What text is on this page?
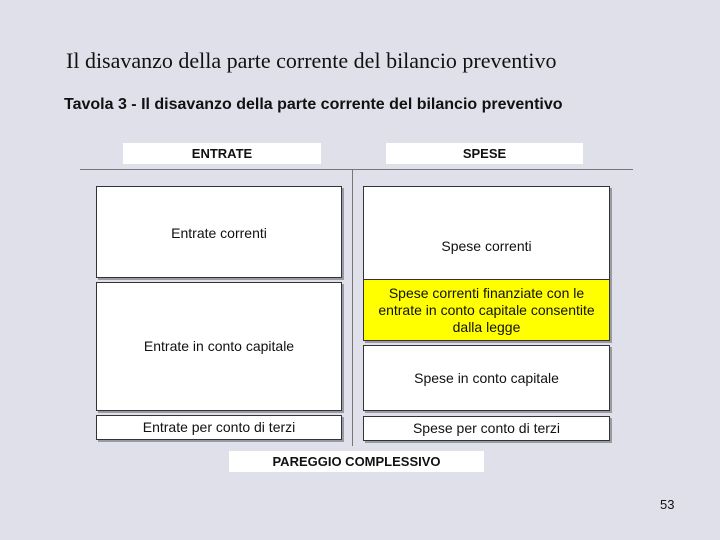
Il disavanzo della parte corrente del bilancio preventivo
Tavola 3 - Il disavanzo della parte corrente del bilancio preventivo
ENTRATE	SPESE
Entrate correnti
Entrate in conto capitale
Entrate per conto di terzi
Spese correnti
Spese correnti finanziate con le entrate in conto capitale consentite dalla legge
Spese in conto capitale
Spese per conto di terzi
PAREGGIO COMPLESSIVO
53
